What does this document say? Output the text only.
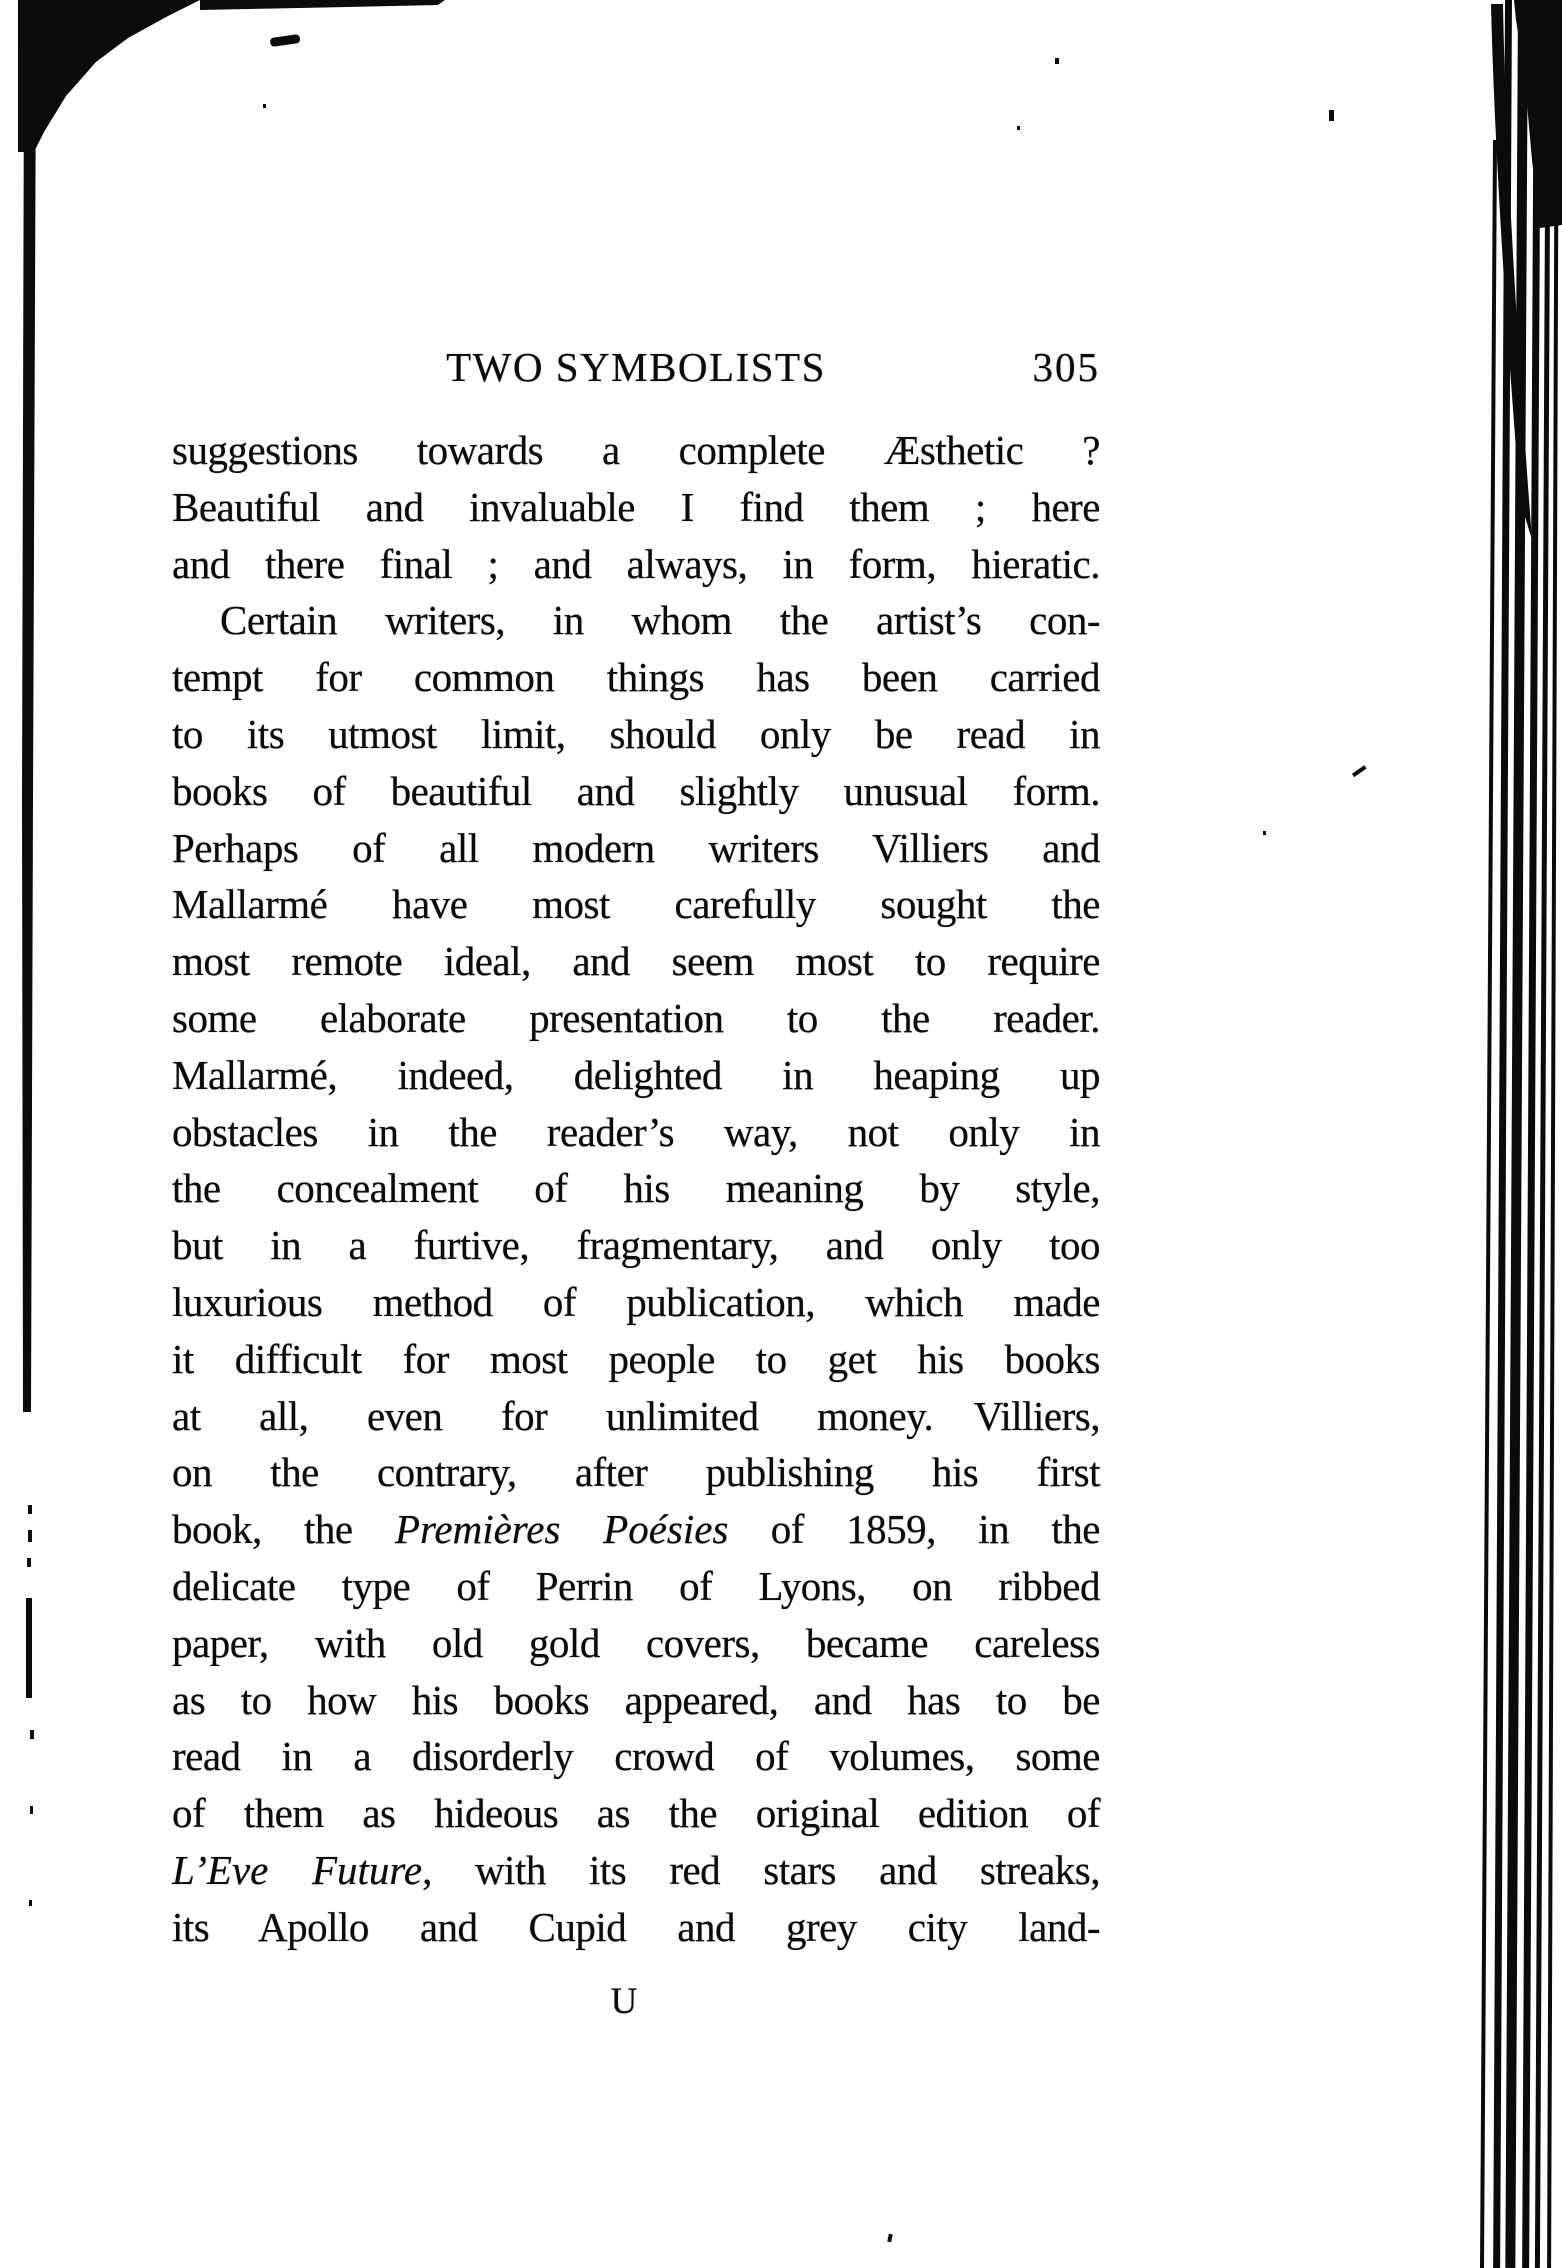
TWO SYMBOLISTS	305
suggestions towards a complete Æsthetic ?
Beautiful and invaluable I find them ; here
and there final ; and always, in form, hieratic.
Certain writers, in whom the artist’s con-
tempt for common things has been carried
to its utmost limit, should only be read in
books of beautiful and slightly unusual form.
Perhaps of all modern writers Villiers and
Mallarmé have most carefully sought the
most remote ideal, and seem most to require
some elaborate presentation to the reader.
Mallarmé, indeed, delighted in heaping up
obstacles in the reader’s way, not only in
the concealment of his meaning by style,
but in a furtive, fragmentary, and only too
luxurious method of publication, which made
it difficult for most people to get his books
at all, even for unlimited money. Villiers,
on the contrary, after publishing his first
book, the Premières Poésies of 1859, in the
delicate type of Perrin of Lyons, on ribbed
paper, with old gold covers, became careless
as to how his books appeared, and has to be
read in a disorderly crowd of volumes, some
of them as hideous as the original edition of
L’Eve Future, with its red stars and streaks,
its Apollo and Cupid and grey city land-
U
